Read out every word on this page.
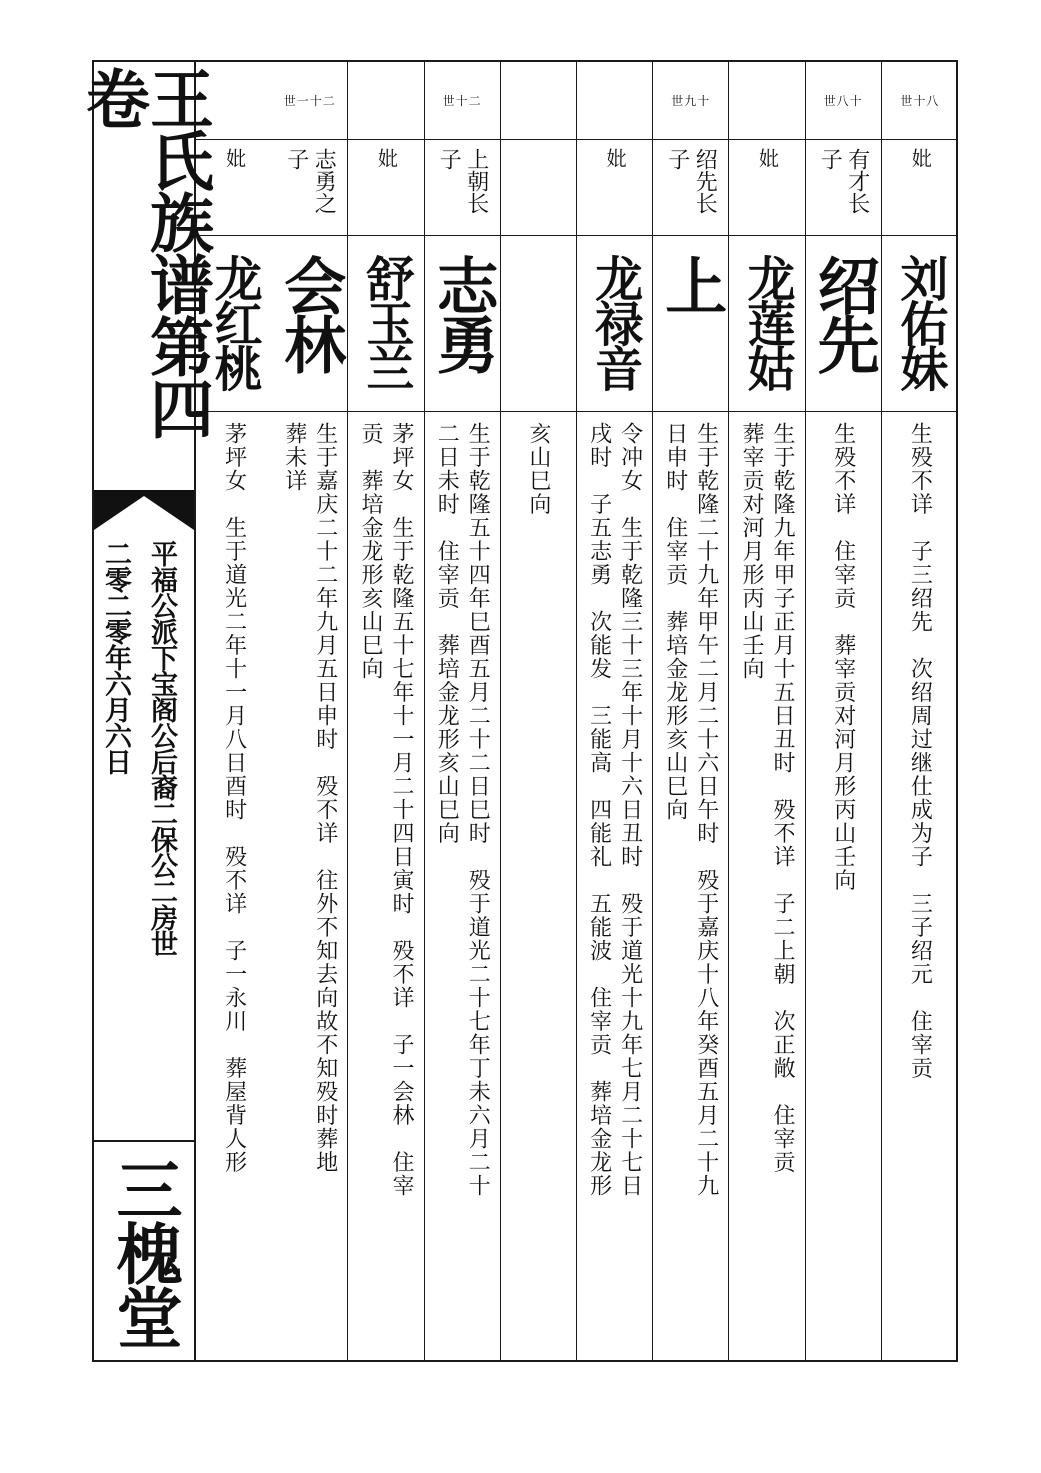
世十八
妣
刘佑妹
生殁不详　子三绍先　次绍周过继仕成为子　三子绍元　住宰贡
世八十
有才长子
绍先
生殁不详　住宰贡　葬宰贡对河月形丙山壬向
妣
龙莲姑
生于乾隆九年甲子正月十五日丑时　殁不详　子二上朝　次正敞　住宰贡
葬宰贡对河月形丙山壬向
世九十
绍先长子
上
生于乾隆二十九年甲午二月二十六日午时　殁于嘉庆十八年癸酉五月二十九
日申时　住宰贡　葬培金龙形亥山巳向
妣
龙禄音
令冲女　生于乾隆三十三年十月十六日丑时　殁于道光十九年七月二十七日
戌时　子五志勇　次能发　三能高　四能礼　五能波　住宰贡　葬培金龙形
亥山巳向
世十二
上朝长子
志勇
生于乾隆五十四年巳酉五月二十二日巳时　殁于道光二十七年丁未六月二十
二日未时　住宰贡　葬培金龙形亥山巳向
妣
舒玉兰
茅坪女　生于乾隆五十七年十一月二十四日寅时　殁不详　子一会林　住宰
贡　葬培金龙形亥山巳向
世一十二
志勇之子
会林
生于嘉庆二十二年九月五日申时　殁不详　往外不知去向故不知殁时葬地
葬未详
妣
龙红桃
茅坪女　生于道光二年十一月八日酉时　殁不详　子一永川　葬屋背人形
王氏族谱第四卷
平福公派下宝阁公后裔二保公二房世
二零二零年六月六日
三槐堂
